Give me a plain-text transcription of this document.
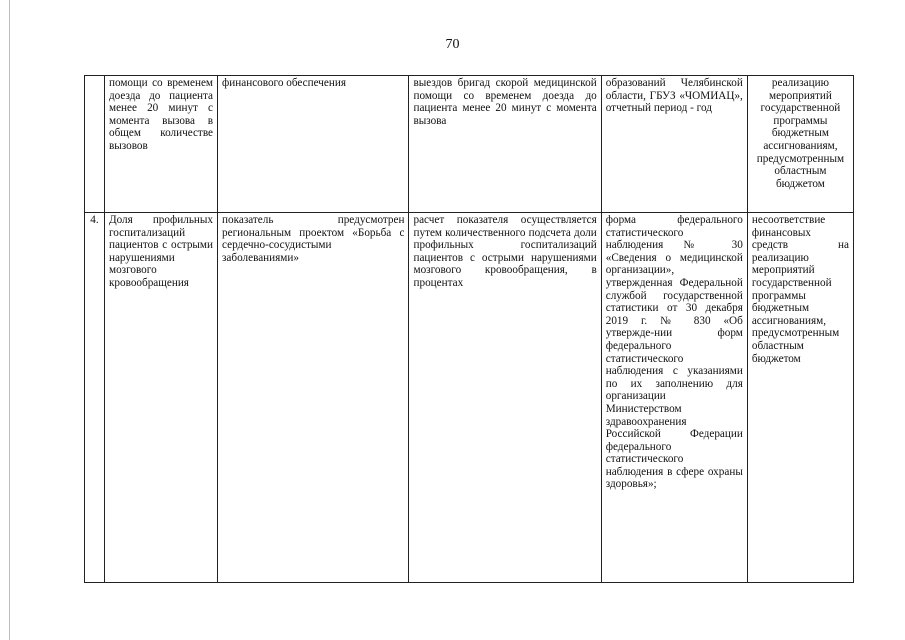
70
	помощи со временем доезда до пациента менее 20 минут с момента вызова в общем количестве вызовов	финансового обеспечения	выездов бригад скорой медицинской помощи со временем доезда до пациента менее 20 минут с момента вызова	образований Челябинской области, ГБУЗ «ЧОМИАЦ», отчетный период - год	реализацию мероприятий государственной программы бюджетным ассигнованиям, предусмотренным областным бюджетом
4.	Доля профильных госпитализаций пациентов с острыми нарушениями мозгового кровообращения	показатель предусмотрен региональным проектом «Борьба с сердечно-сосудистыми заболеваниями»	расчет показателя осуществляется путем количественного подсчета доли профильных госпитализаций пациентов с острыми нарушениями мозгового кровообращения, в процентах	форма федерального статистического наблюдения № 30 «Сведения о медицинской организации», утвержденная Федеральной службой государственной статистики от 30 декабря 2019 г. № 830 «Об утвержде-нии форм федерального статистического наблюдения с указаниями по их заполнению для организации Министерством здравоохранения Российской Федерации федерального статистического наблюдения в сфере охраны здоровья»;	несоответствие финансовых средств на реализацию мероприятий государственной программы бюджетным ассигнованиям, предусмотренным областным бюджетом
